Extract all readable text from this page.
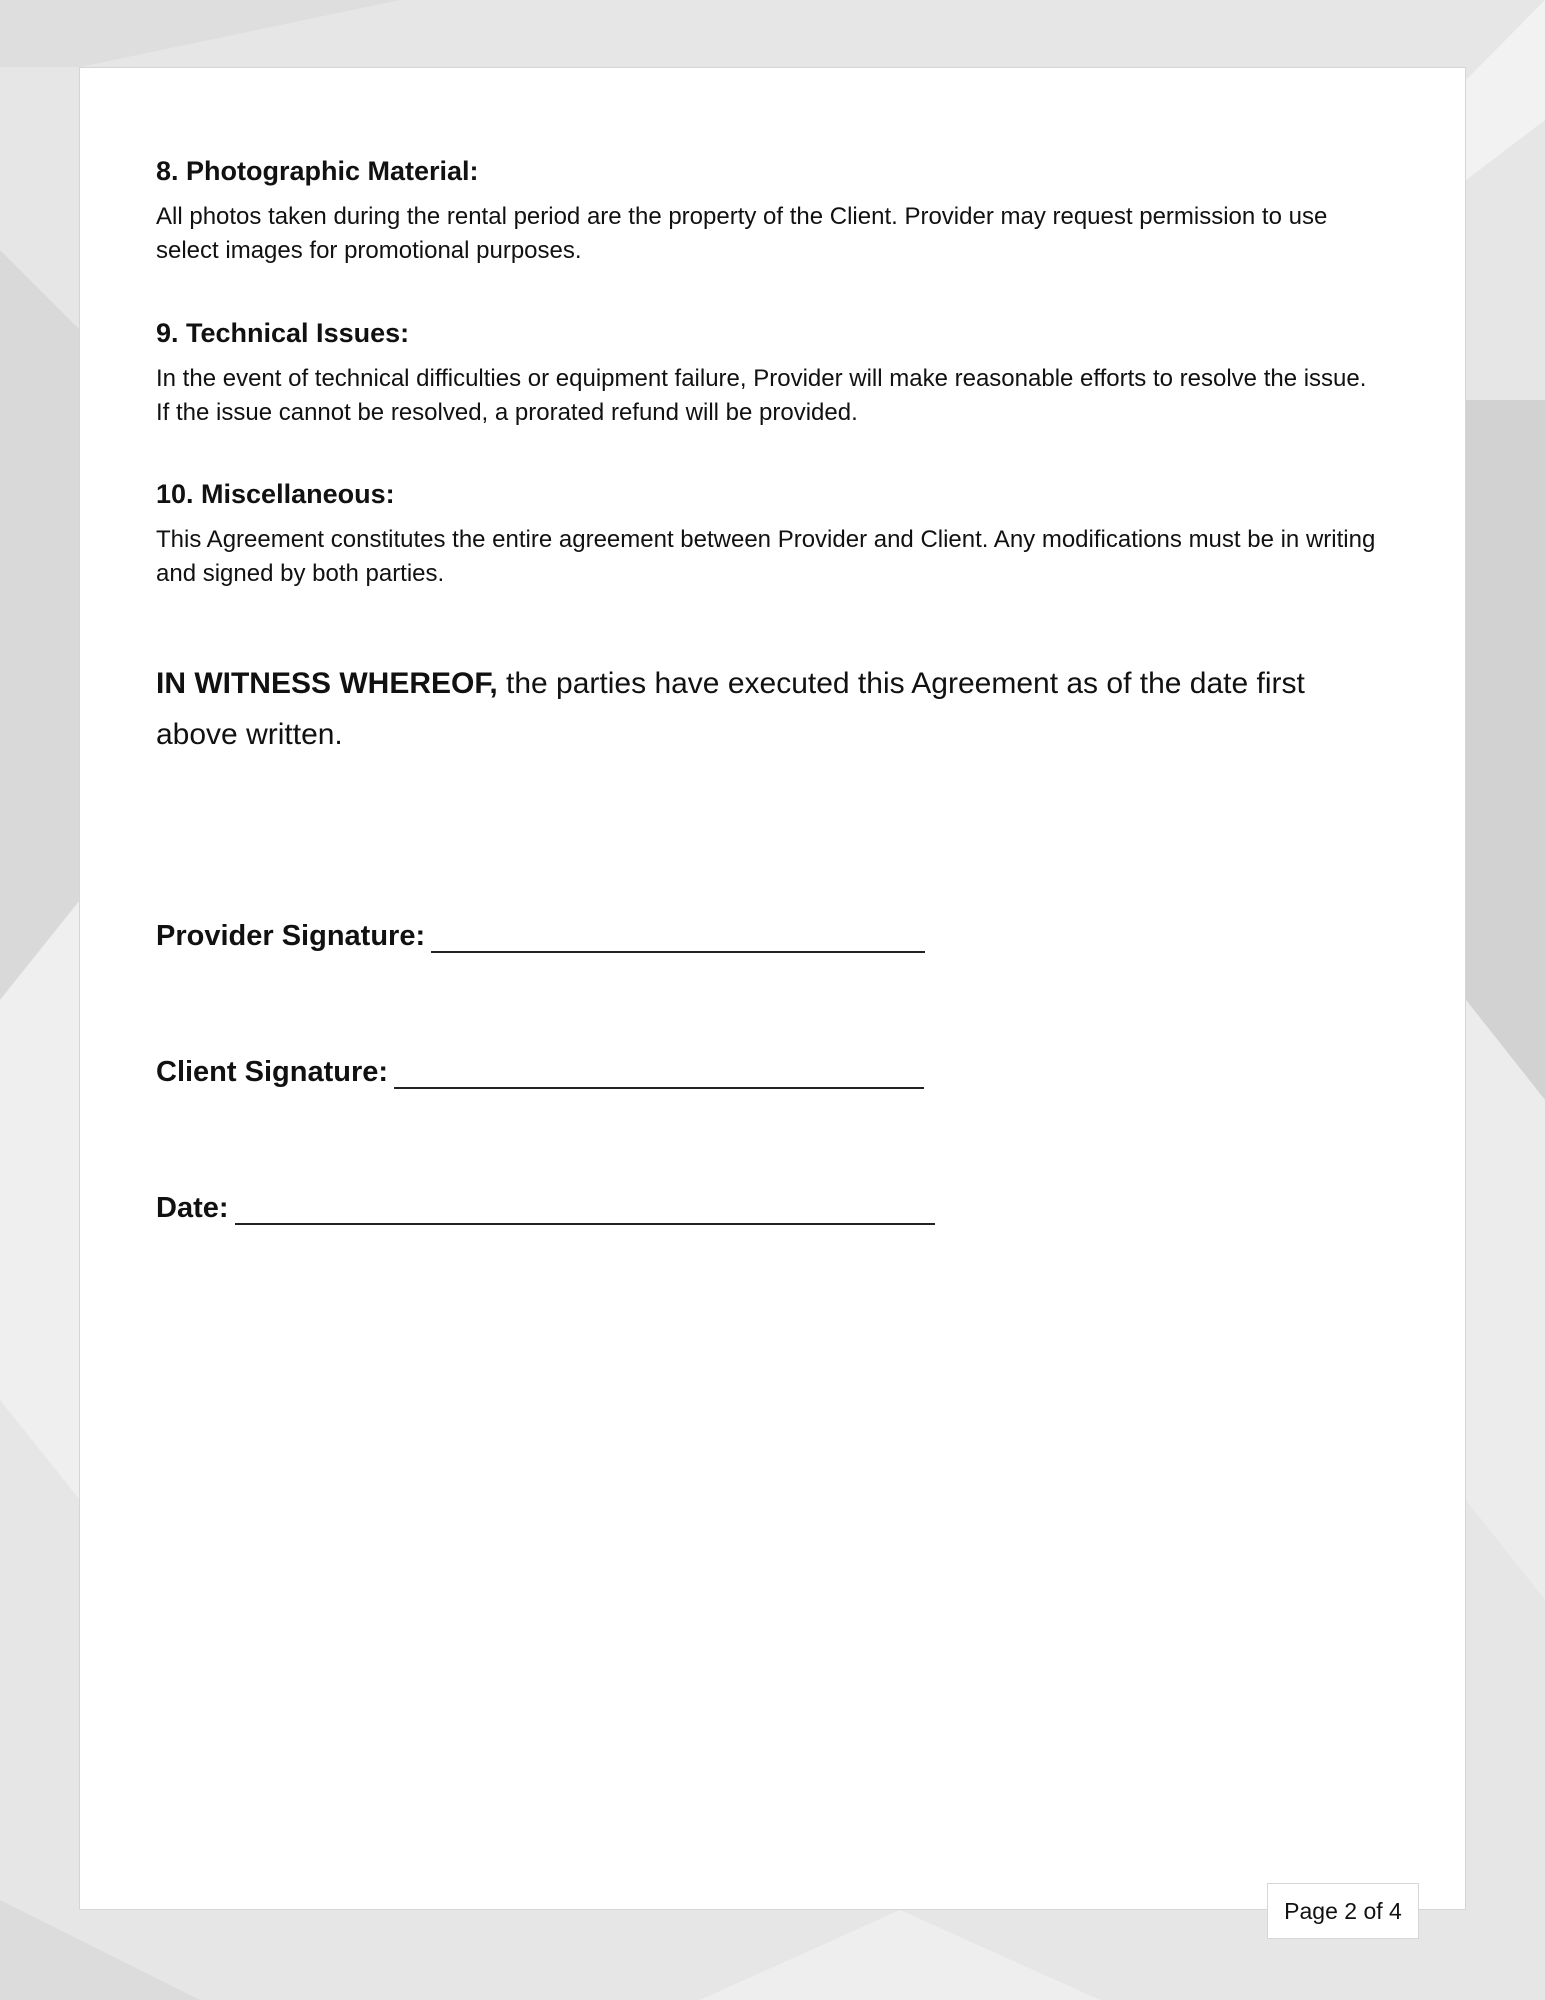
8. Photographic Material:

All photos taken during the rental period are the property of the Client. Provider may request permission to use select images for promotional purposes.

9. Technical Issues:

In the event of technical difficulties or equipment failure, Provider will make reasonable efforts to resolve the issue. If the issue cannot be resolved, a prorated refund will be provided.

10. Miscellaneous:

This Agreement constitutes the entire agreement between Provider and Client. Any modifications must be in writing and signed by both parties.

IN WITNESS WHEREOF, the parties have executed this Agreement as of the date first above written.

Provider Signature:
Client Signature:
Date:
Page 2 of 4
